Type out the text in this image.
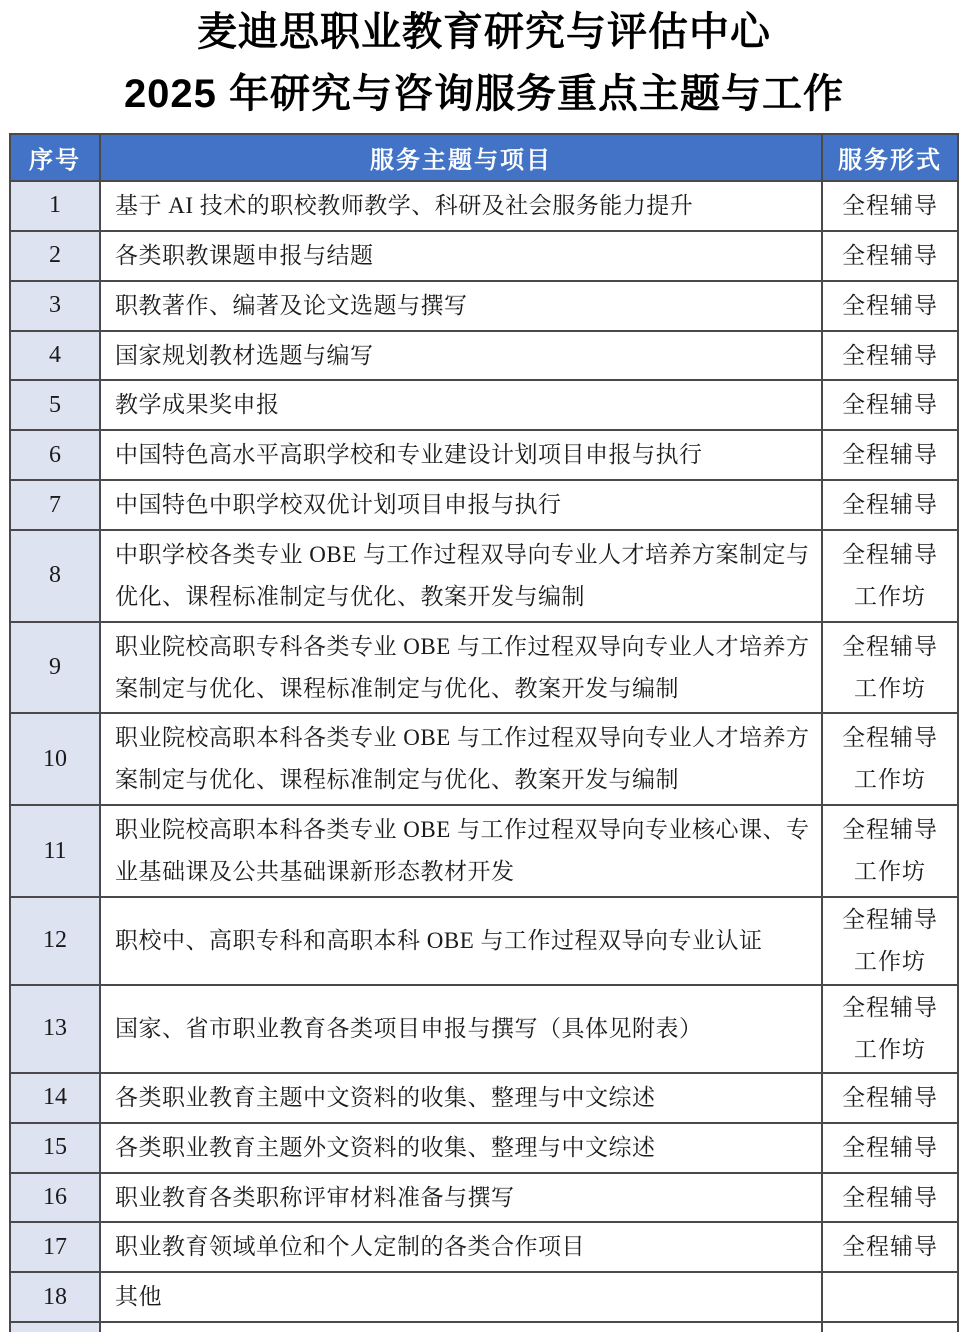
麦迪思职业教育研究与评估中心
2025 年研究与咨询服务重点主题与工作
序号	服务主题与项目	服务形式
1	基于 AI 技术的职校教师教学、科研及社会服务能力提升	全程辅导

2	各类职教课题申报与结题	全程辅导

3	职教著作、编著及论文选题与撰写	全程辅导

4	国家规划教材选题与编写	全程辅导

5	教学成果奖申报	全程辅导

6	中国特色高水平高职学校和专业建设计划项目申报与执行	全程辅导

7	中国特色中职学校双优计划项目申报与执行	全程辅导

8	中职学校各类专业 OBE 与工作过程双导向专业人才培养方案制定与优化、课程标准制定与优化、教案开发与编制	全程辅导
工作坊

9	职业院校高职专科各类专业 OBE 与工作过程双导向专业人才培养方案制定与优化、课程标准制定与优化、教案开发与编制	全程辅导
工作坊

10	职业院校高职本科各类专业 OBE 与工作过程双导向专业人才培养方案制定与优化、课程标准制定与优化、教案开发与编制	全程辅导
工作坊

11	职业院校高职本科各类专业 OBE 与工作过程双导向专业核心课、专业基础课及公共基础课新形态教材开发	全程辅导
工作坊

12	职校中、高职专科和高职本科 OBE 与工作过程双导向专业认证	全程辅导
工作坊

13	国家、省市职业教育各类项目申报与撰写（具体见附表）	全程辅导
工作坊

14	各类职业教育主题中文资料的收集、整理与中文综述	全程辅导

15	各类职业教育主题外文资料的收集、整理与中文综述	全程辅导

16	职业教育各类职称评审材料准备与撰写	全程辅导

17	职业教育领域单位和个人定制的各类合作项目	全程辅导

18	其他	
